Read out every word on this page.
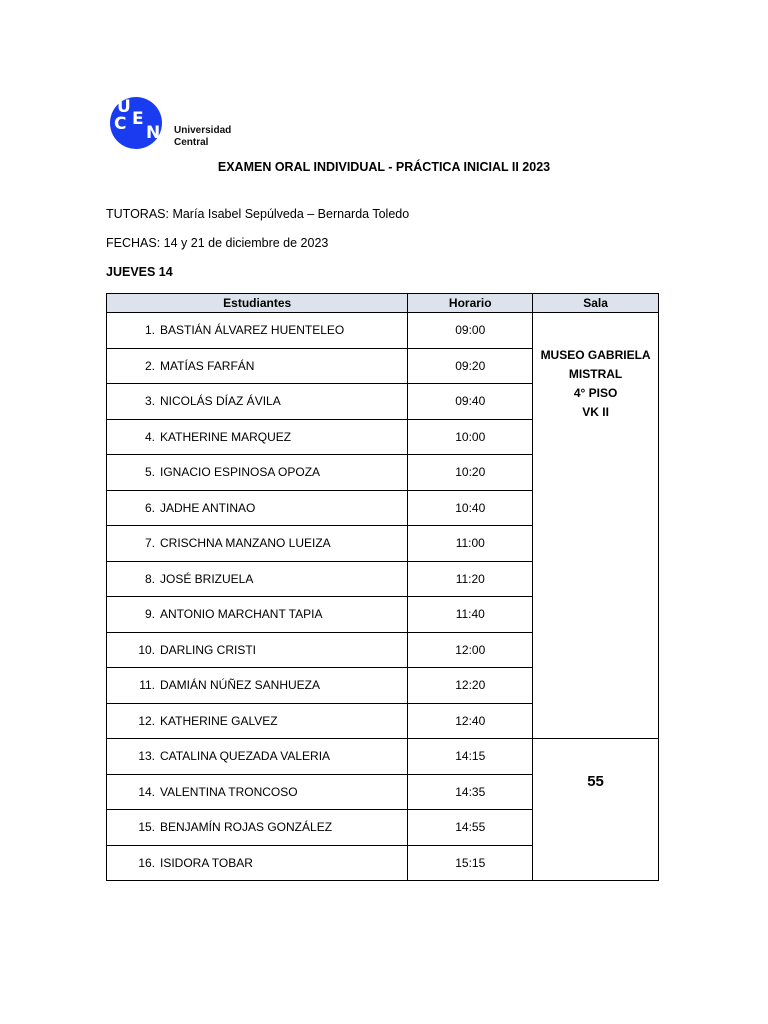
U
C E
N Universidad
Central
EXAMEN ORAL INDIVIDUAL - PRÁCTICA INICIAL II 2023
TUTORAS: María Isabel Sepúlveda – Bernarda Toledo
FECHAS: 14 y 21 de diciembre de 2023
JUEVES 14
Estudiantes	Horario	Sala
1. BASTIÁN ÁLVAREZ HUENTELEO	09:00	MUSEO GABRIELA
MISTRAL
4° PISO
VK II

2. MATÍAS FARFÁN	09:20	
3. NICOLÁS DÍAZ ÁVILA	09:40	
4. KATHERINE MARQUEZ	10:00	
5. IGNACIO ESPINOSA OPOZA	10:20	
6. JADHE ANTINAO	10:40	
7. CRISCHNA MANZANO LUEIZA	11:00	
8. JOSÉ BRIZUELA	11:20	
9. ANTONIO MARCHANT TAPIA	11:40	
10. DARLING CRISTI	12:00	
11. DAMIÁN NÚÑEZ SANHUEZA	12:20	
12. KATHERINE GALVEZ	12:40	
13. CATALINA QUEZADA VALERIA	14:15	55

14. VALENTINA TRONCOSO	14:35	
15. BENJAMÍN ROJAS GONZÁLEZ	14:55	
16. ISIDORA TOBAR	15:15	
